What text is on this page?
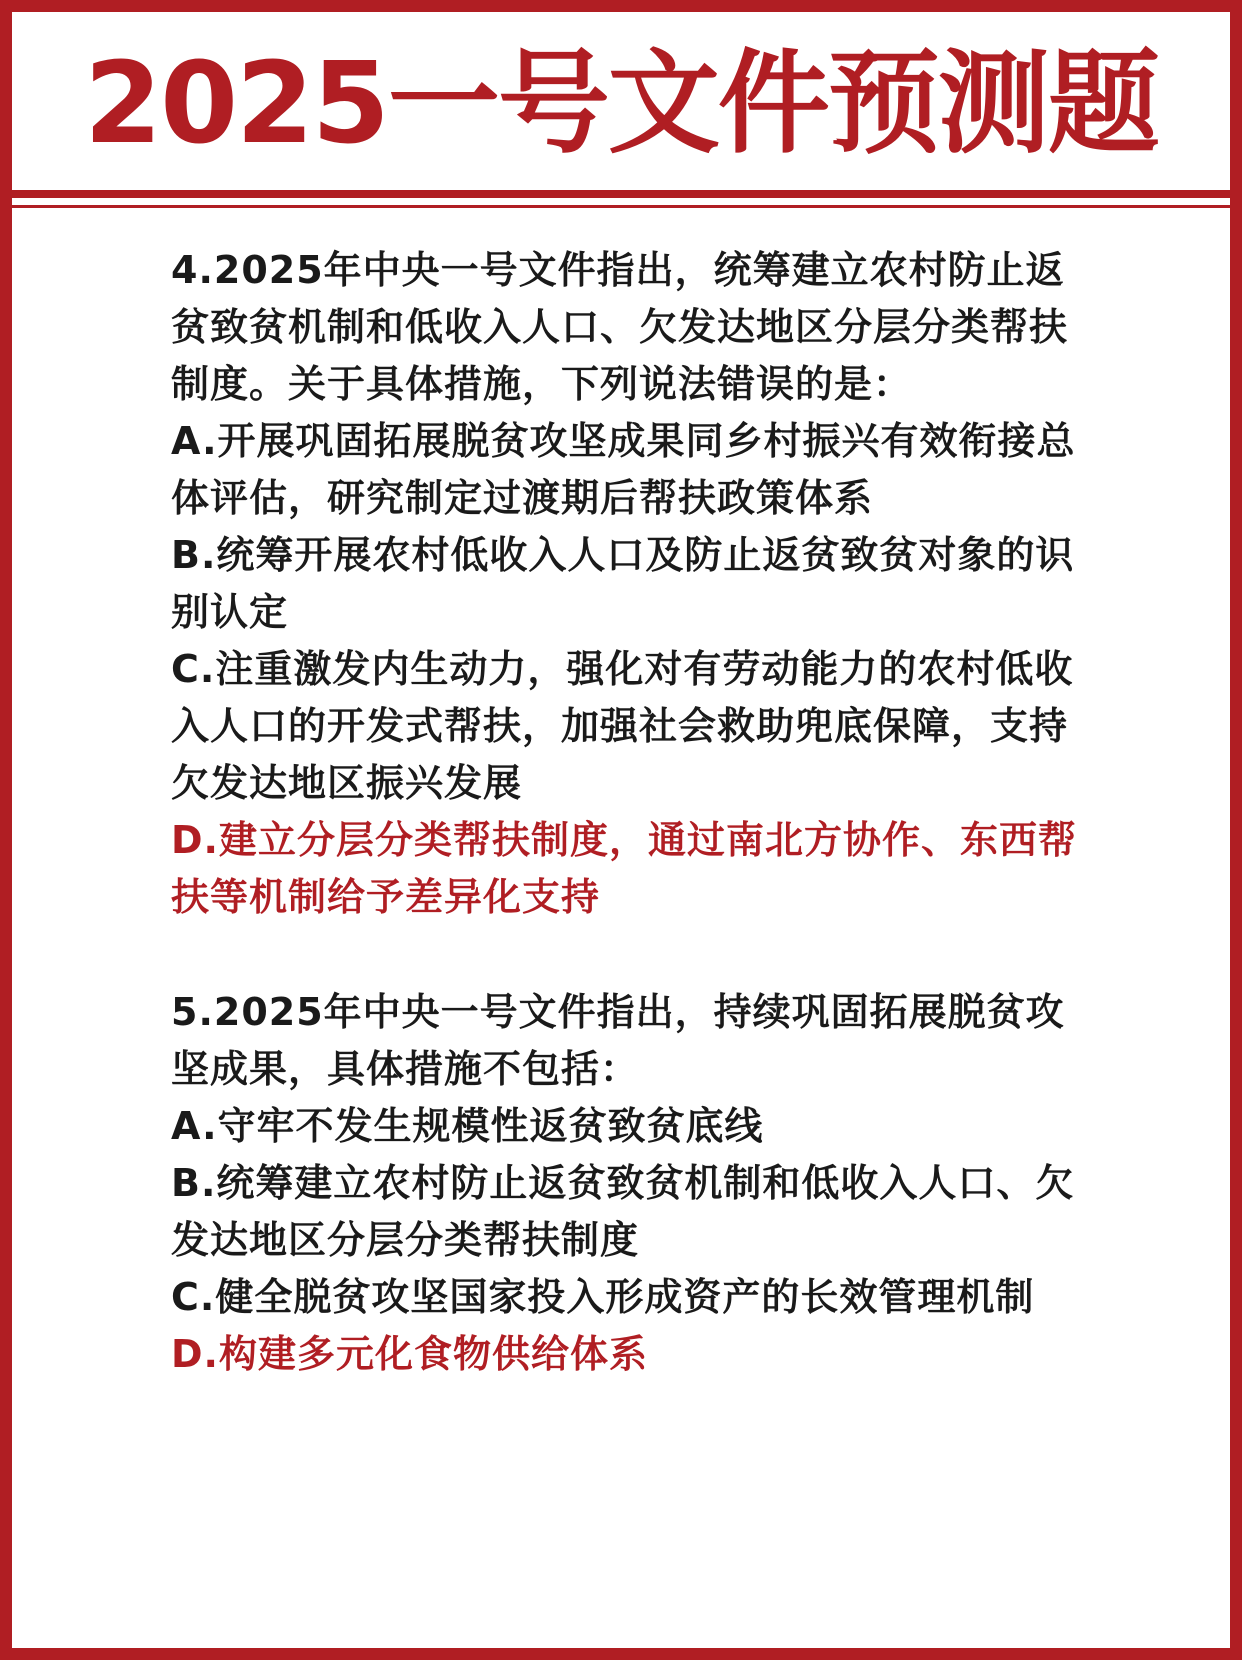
2025一号文件预测题
4.2025年中央一号文件指出，统筹建立农村防止返贫致贫机制和低收入人口、欠发达地区分层分类帮扶制度。关于具体措施，下列说法错误的是：
A.开展巩固拓展脱贫攻坚成果同乡村振兴有效衔接总体评估，研究制定过渡期后帮扶政策体系
B.统筹开展农村低收入人口及防止返贫致贫对象的识别认定
C.注重激发内生动力，强化对有劳动能力的农村低收入人口的开发式帮扶，加强社会救助兜底保障，支持欠发达地区振兴发展
D.建立分层分类帮扶制度，通过南北方协作、东西帮扶等机制给予差异化支持
5.2025年中央一号文件指出，持续巩固拓展脱贫攻坚成果，具体措施不包括：
A.守牢不发生规模性返贫致贫底线
B.统筹建立农村防止返贫致贫机制和低收入人口、欠发达地区分层分类帮扶制度
C.健全脱贫攻坚国家投入形成资产的长效管理机制
D.构建多元化食物供给体系
